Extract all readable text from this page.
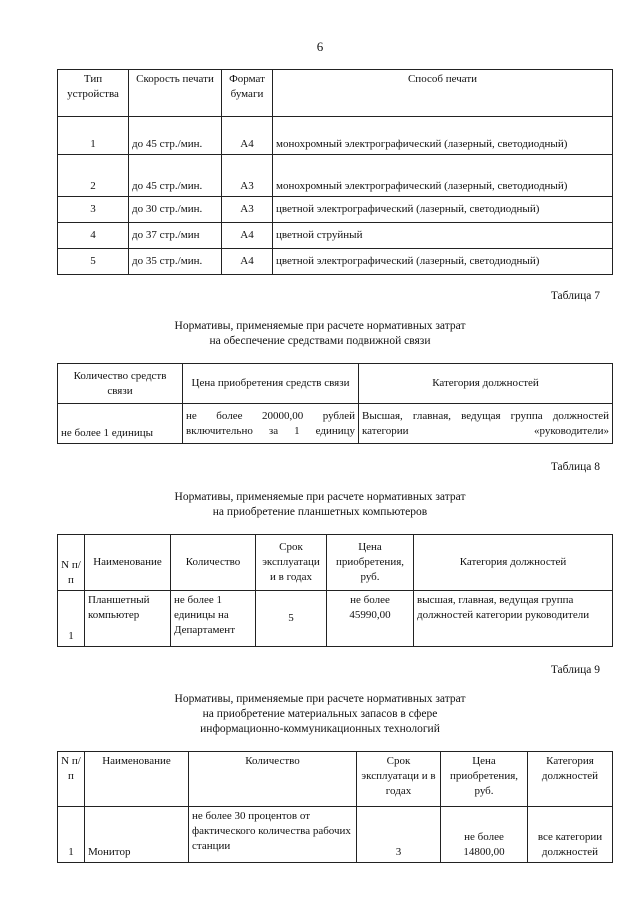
6
Тип устройства	Скорость печати	Формат бумаги	Способ печати
1	до 45 стр./мин.	A4	монохромный электрографический (лазерный, светодиодный)
2	до 45 стр./мин.	A3	монохромный электрографический (лазерный, светодиодный)
3	до 30 стр./мин.	A3	цветной электрографический (лазерный, светодиодный)
4	до 37 стр./мин	A4	цветной струйный
5	до 35 стр./мин.	A4	цветной электрографический (лазерный, светодиодный)
Таблица 7
Нормативы, применяемые при расчете нормативных затрат
на обеспечение средствами подвижной связи
Количество средств связи	Цена приобретения средств связи	Категория должностей
не более 1 единицы	не более 20000,00 рублей включительно за 1 единицу	Высшая, главная, ведущая группа должностей категории «руководители»
Таблица 8
Нормативы, применяемые при расчете нормативных затрат
на приобретение планшетных компьютеров
N п/п	Наименование	Количество	Срок эксплуатаци и в годах	Цена приобретения, руб.	Категория должностей
1	Планшетный компьютер	не более 1 единицы на Департамент	5	не более 45990,00	высшая, главная, ведущая группа должностей категории руководители
Таблица 9
Нормативы, применяемые при расчете нормативных затрат
на приобретение материальных запасов в сфере
информационно-коммуникационных технологий
N п/п	Наименование	Количество	Срок эксплуатаци и в годах	Цена приобретения, руб.	Категория должностей
1	Монитор	не более 30 процентов от фактического количества рабочих станции	3	не более 14800,00	все категории должностей
